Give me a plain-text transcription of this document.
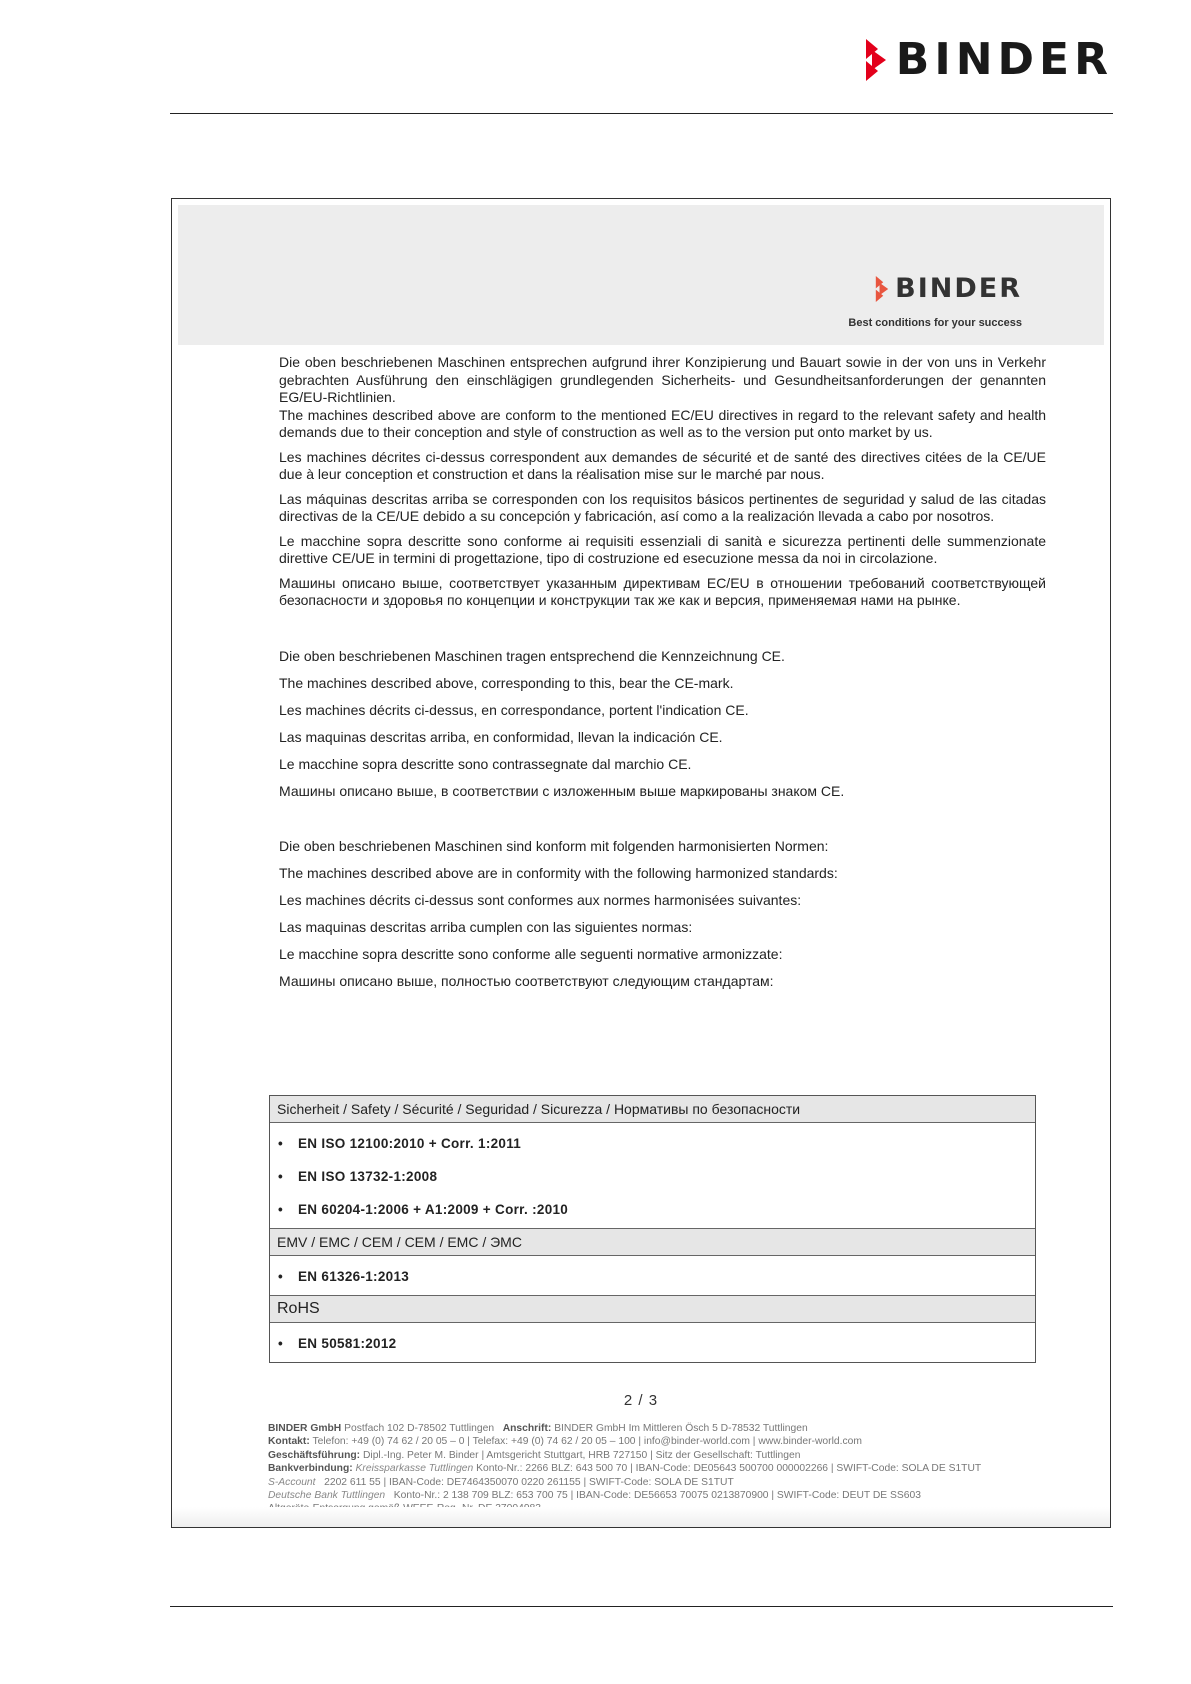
BINDER
BINDER
Best conditions for your success

Die oben beschriebenen Maschinen entsprechen aufgrund ihrer Konzipierung und Bauart sowie in der von uns in Verkehr gebrachten Ausführung den einschlägigen grundlegenden Sicherheits- und Gesundheitsanforderungen der genannten EG/EU-Richtlinien.

The machines described above are conform to the mentioned EC/EU directives in regard to the relevant safety and health demands due to their conception and style of construction as well as to the version put onto market by us.

Les machines décrites ci-dessus correspondent aux demandes de sécurité et de santé des directives citées de la CE/UE due à leur conception et construction et dans la réalisation mise sur le marché par nous.

Las máquinas descritas arriba se corresponden con los requisitos básicos pertinentes de seguridad y salud de las citadas directivas de la CE/UE debido a su concepción y fabricación, así como a la realización llevada a cabo por nosotros.

Le macchine sopra descritte sono conforme ai requisiti essenziali di sanità e sicurezza pertinenti delle summenzionate direttive CE/UE in termini di progettazione, tipo di costruzione ed esecuzione messa da noi in circolazione.

Машины описано выше, соответствует указанным директивам EC/EU в отношении требований соответствующей безопасности и здоровья по концепции и конструкции так же как и версия, применяемая нами на рынке.

Die oben beschriebenen Maschinen tragen entsprechend die Kennzeichnung CE.

The machines described above, corresponding to this, bear the CE-mark.

Les machines décrits ci-dessus, en correspondance, portent l'indication CE.

Las maquinas descritas arriba, en conformidad, llevan la indicación CE.

Le macchine sopra descritte sono contrassegnate dal marchio CE.

Машины описано выше, в соответствии с изложенным выше маркированы знаком CE.

Die oben beschriebenen Maschinen sind konform mit folgenden harmonisierten Normen:

The machines described above are in conformity with the following harmonized standards:

Les machines décrits ci-dessus sont conformes aux normes harmonisées suivantes:

Las maquinas descritas arriba cumplen con las siguientes normas:

Le macchine sopra descritte sono conforme alle seguenti normative armonizzate:

Машины описано выше, полностью соответствуют следующим стандартам:

Sicherheit / Safety / Sécurité / Seguridad / Sicurezza / Нормативы по безопасности
• EN ISO 12100:2010 + Corr. 1:2011
• EN ISO 13732-1:2008
• EN 60204-1:2006 + A1:2009 + Corr. :2010
EMV / EMC / CEM / CEM / EMC / ЭМС
• EN 61326-1:2013
RoHS
• EN 50581:2012
2 / 3
BINDER GmbH Postfach 102 D-78502 Tuttlingen Anschrift: BINDER GmbH Im Mittleren Ösch 5 D-78532 Tuttlingen
Kontakt: Telefon: +49 (0) 74 62 / 20 05 – 0 | Telefax: +49 (0) 74 62 / 20 05 – 100 | info@binder-world.com | www.binder-world.com
Geschäftsführung: Dipl.-Ing. Peter M. Binder | Amtsgericht Stuttgart, HRB 727150 | Sitz der Gesellschaft: Tuttlingen
Bankverbindung: Kreissparkasse Tuttlingen Konto-Nr.: 2266 BLZ: 643 500 70 | IBAN-Code: DE05643 500700 000002266 | SWIFT-Code: SOLA DE S1TUT
S-Account 2202 611 55 | IBAN-Code: DE7464350070 0220 261155 | SWIFT-Code: SOLA DE S1TUT
Deutsche Bank Tuttlingen Konto-Nr.: 2 138 709 BLZ: 653 700 75 | IBAN-Code: DE56653 70075 0213870900 | SWIFT-Code: DEUT DE SS603
